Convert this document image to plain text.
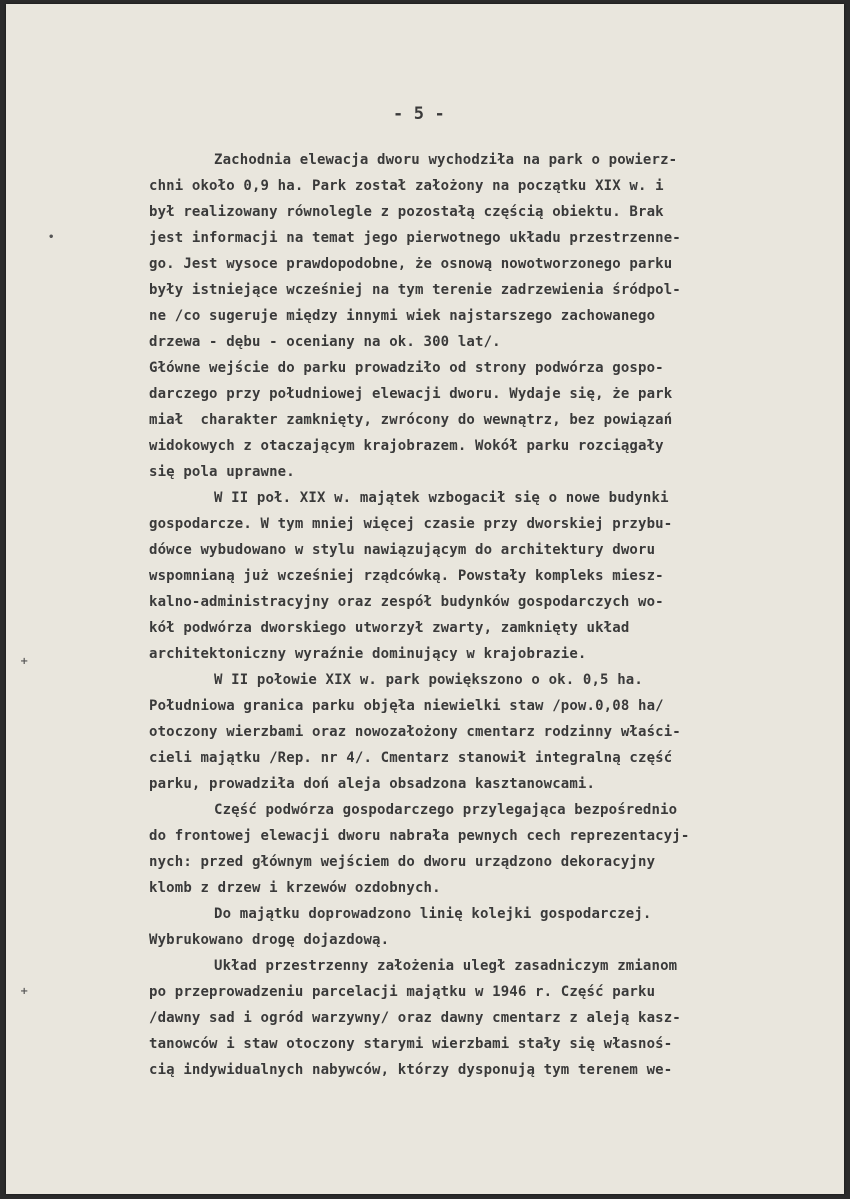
- 5 -
Zachodnia elewacja dworu wychodziła na park o powierz-
chni około 0,9 ha. Park został założony na początku XIX w. i
był realizowany równolegle z pozostałą częścią obiektu. Brak
jest informacji na temat jego pierwotnego układu przestrzenne-
go. Jest wysoce prawdopodobne, że osnową nowotworzonego parku
były istniejące wcześniej na tym terenie zadrzewienia śródpol-
ne /co sugeruje między innymi wiek najstarszego zachowanego
drzewa - dębu - oceniany na ok. 300 lat/.
Główne wejście do parku prowadziło od strony podwórza gospo-
darczego przy południowej elewacji dworu. Wydaje się, że park
miał  charakter zamknięty, zwrócony do wewnątrz, bez powiązań
widokowych z otaczającym krajobrazem. Wokół parku rozciągały
się pola uprawne.
W II poł. XIX w. majątek wzbogacił się o nowe budynki
gospodarcze. W tym mniej więcej czasie przy dworskiej przybu-
dówce wybudowano w stylu nawiązującym do architektury dworu
wspomnianą już wcześniej rządcówką. Powstały kompleks miesz-
kalno-administracyjny oraz zespół budynków gospodarczych wo-
kół podwórza dworskiego utworzył zwarty, zamknięty układ
architektoniczny wyraźnie dominujący w krajobrazie.
W II połowie XIX w. park powiększono o ok. 0,5 ha.
Południowa granica parku objęła niewielki staw /pow.0,08 ha/
otoczony wierzbami oraz nowozałożony cmentarz rodzinny właści-
cieli majątku /Rep. nr 4/. Cmentarz stanowił integralną część
parku, prowadziła doń aleja obsadzona kasztanowcami.
Część podwórza gospodarczego przylegająca bezpośrednio
do frontowej elewacji dworu nabrała pewnych cech reprezentacyj-
nych: przed głównym wejściem do dworu urządzono dekoracyjny
klomb z drzew i krzewów ozdobnych.
Do majątku doprowadzono linię kolejki gospodarczej.
Wybrukowano drogę dojazdową.
Układ przestrzenny założenia uległ zasadniczym zmianom
po przeprowadzeniu parcelacji majątku w 1946 r. Część parku
/dawny sad i ogród warzywny/ oraz dawny cmentarz z aleją kasz-
tanowców i staw otoczony starymi wierzbami stały się własnoś-
cią indywidualnych nabywców, którzy dysponują tym terenem we-
•
+
+
